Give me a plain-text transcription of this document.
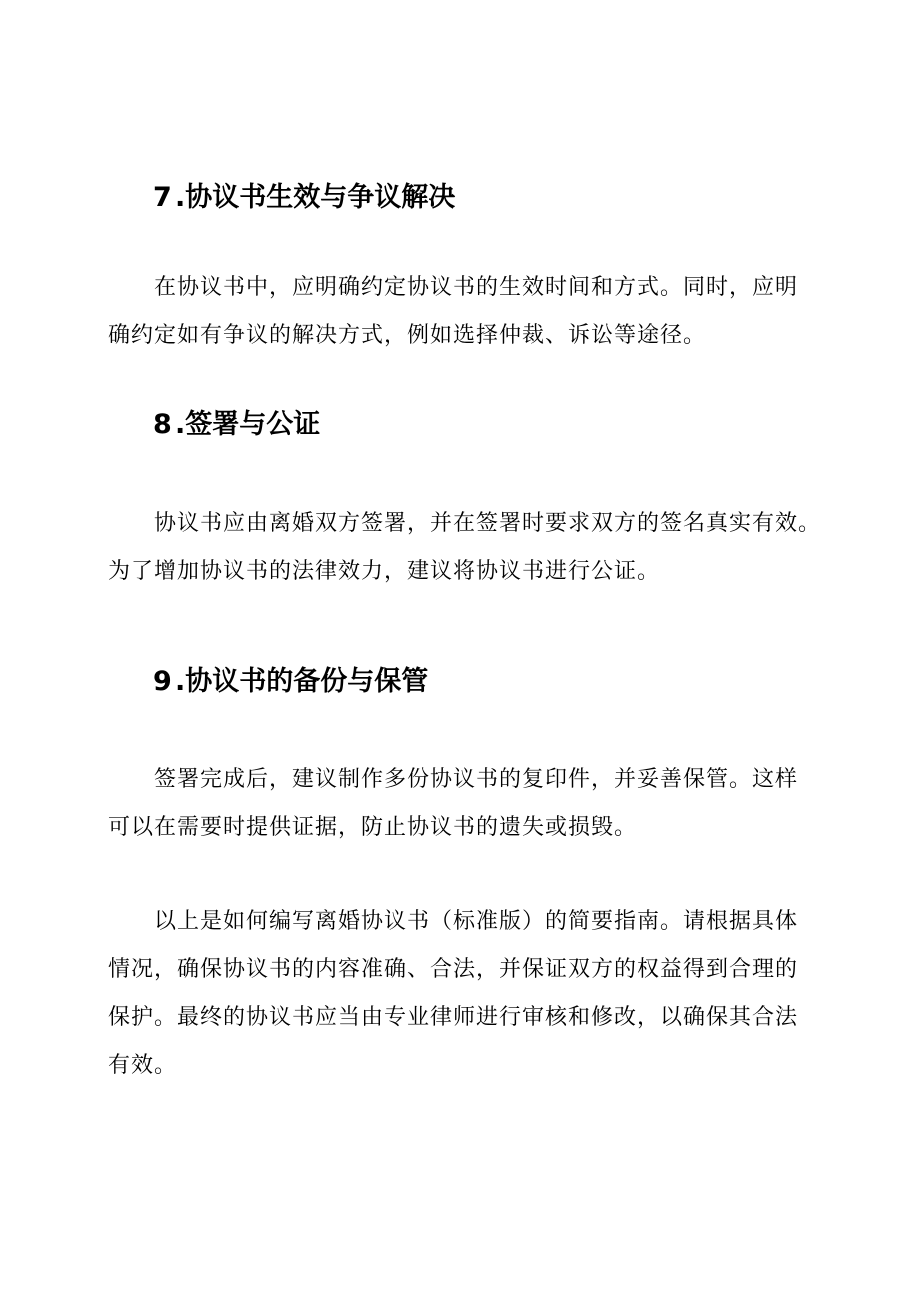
7 .协议书生效与争议解决

在协议书中，应明确约定协议书的生效时间和方式。同时，应明
确约定如有争议的解决方式，例如选择仲裁、诉讼等途径。

8 .签署与公证

协议书应由离婚双方签署，并在签署时要求双方的签名真实有效。
为了增加协议书的法律效力，建议将协议书进行公证。

9 .协议书的备份与保管

签署完成后，建议制作多份协议书的复印件，并妥善保管。这样
可以在需要时提供证据，防止协议书的遗失或损毁。

以上是如何编写离婚协议书（标准版）的简要指南。请根据具体
情况，确保协议书的内容准确、合法，并保证双方的权益得到合理的
保护。最终的协议书应当由专业律师进行审核和修改，以确保其合法
有效。
